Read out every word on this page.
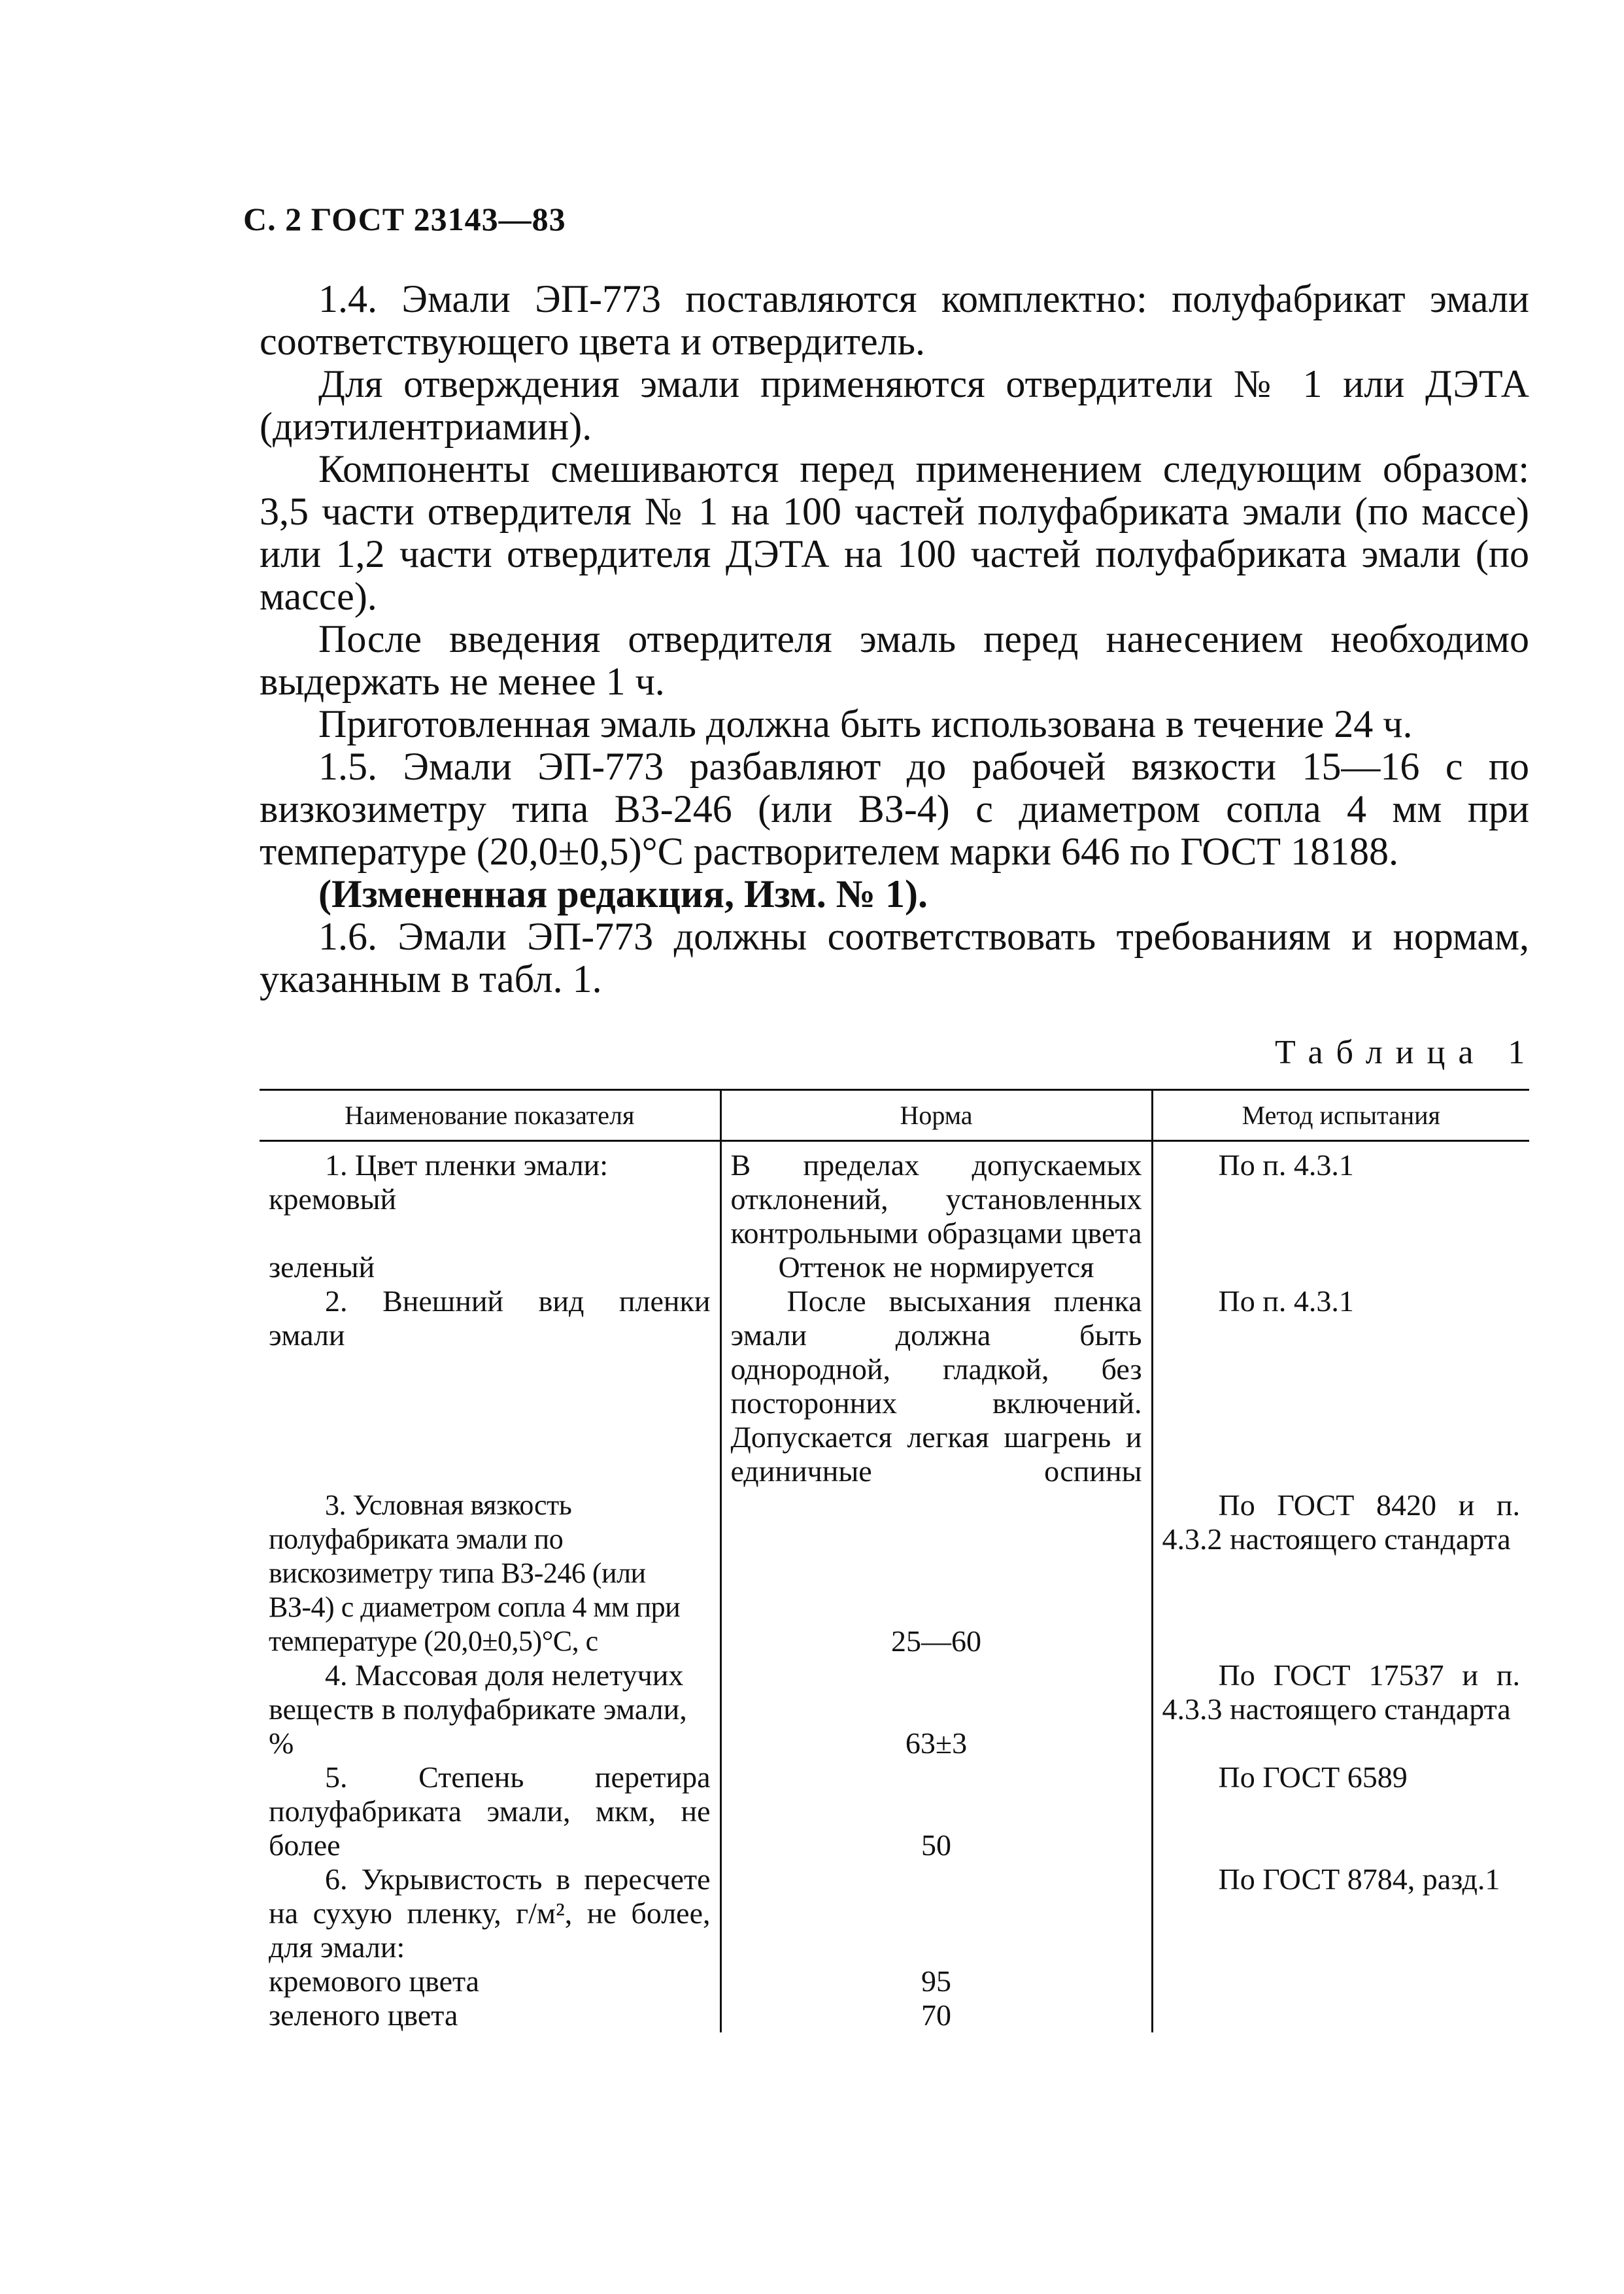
С. 2 ГОСТ 23143—83

1.4. Эмали ЭП-773 поставляются комплектно: полуфабрикат эмали соответствующего цвета и отвердитель.

Для отверждения эмали применяются отвердители № 1 или ДЭТА (диэтилентриамин).

Компоненты смешиваются перед применением следующим образом: 3,5 части отвердителя № 1 на 100 частей полуфабриката эмали (по массе) или 1,2 части отвердителя ДЭТА на 100 частей полуфабриката эмали (по массе).

После введения отвердителя эмаль перед нанесением необходимо выдержать не менее 1 ч.

Приготовленная эмаль должна быть использована в течение 24 ч.

1.5. Эмали ЭП-773 разбавляют до рабочей вязкости 15—16 с по визкозиметру типа ВЗ-246 (или ВЗ-4) с диаметром сопла 4 мм при температуре (20,0±0,5)°С растворителем марки 646 по ГОСТ 18188.

(Измененная редакция, Изм. № 1).

1.6. Эмали ЭП-773 должны соответствовать требованиям и нормам, указанным в табл. 1.

Таблица 1
Наименование показателя	Норма	Метод испытания

1. Цвет пленки эмали:
кремовый	В пределах допускаемых отклонений, установленных контрольными образцами цвета	По п. 4.3.1
зеленый	Оттенок не нормируется	
2. Внешний вид пленки эмали	После высыхания пленка эмали должна быть однородной, гладкой, без посторонних включений. Допускается легкая шагрень и единичные оспины	По п. 4.3.1
3. Условная вязкость полуфабриката эмали по вискозиметру типа ВЗ-246 (или ВЗ-4) с диаметром сопла 4 мм при температуре (20,0±0,5)°С, с	25—60	По ГОСТ 8420 и п. 4.3.2 настоящего стандарта
4. Массовая доля нелетучих веществ в полуфабрикате эмали, %	63±3	По ГОСТ 17537 и п. 4.3.3 настоящего стандарта
5. Степень перетира полуфабриката эмали, мкм, не более	50	По ГОСТ 6589
6. Укрывистость в пересчете на сухую пленку, г/м², не более, для эмали:		По ГОСТ 8784, разд.1
кремового цвета	95	
зеленого цвета	70	
